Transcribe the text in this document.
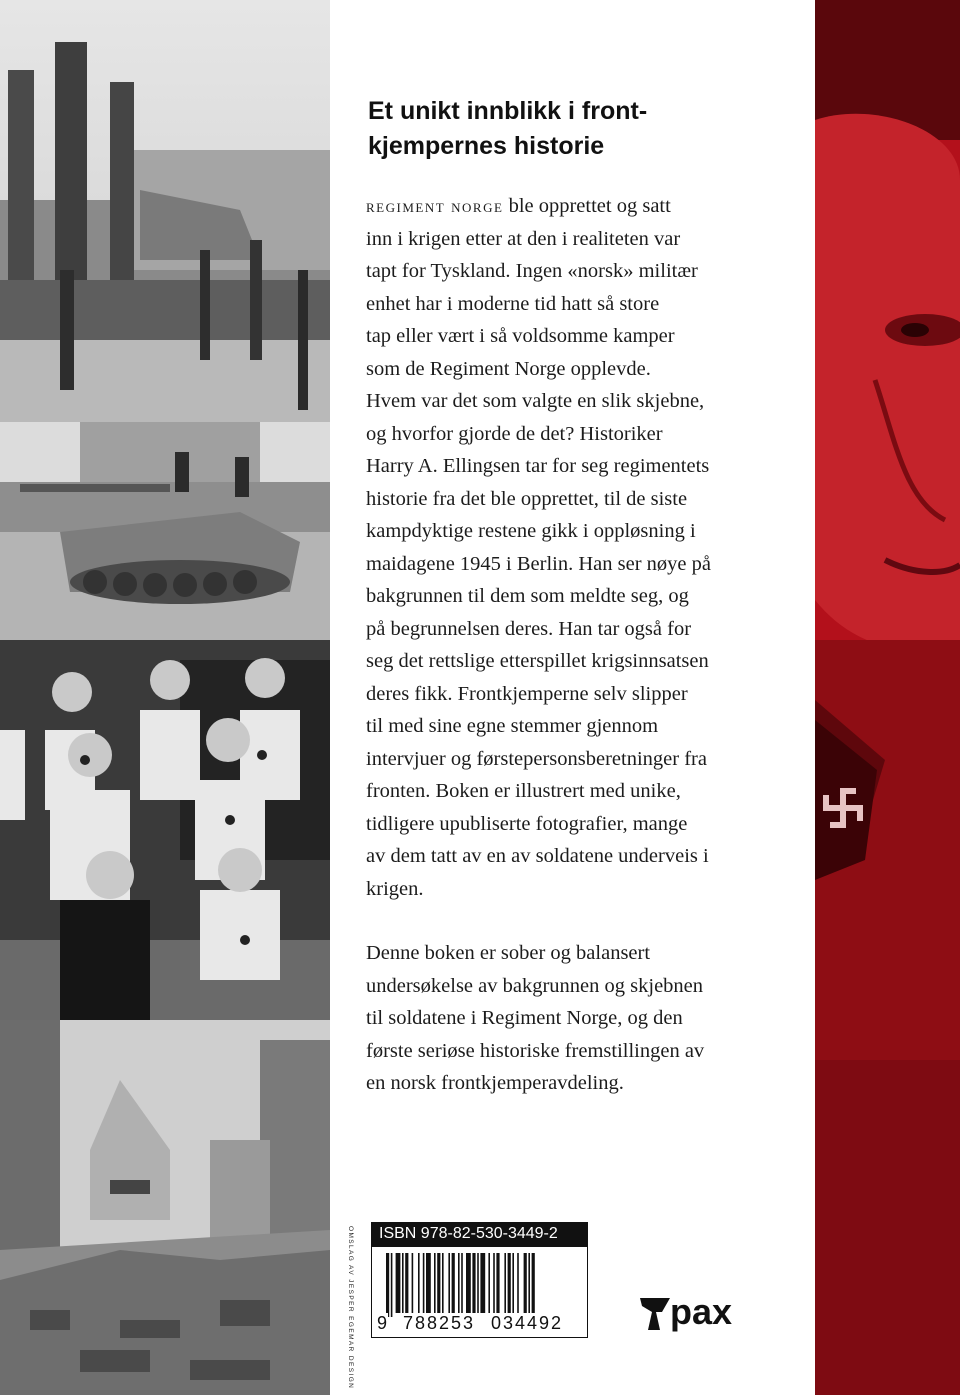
Et unikt innblikk i front-
kjempernes historie

regiment norge ble opprettet og satt
inn i krigen etter at den i realiteten var
tapt for Tyskland. Ingen «norsk» militær
enhet har i moderne tid hatt så store
tap eller vært i så voldsomme kamper
som de Regiment Norge opplevde.
Hvem var det som valgte en slik skjebne,
og hvorfor gjorde de det? Historiker
Harry A. Ellingsen tar for seg regimentets
historie fra det ble opprettet, til de siste
kampdyktige restene gikk i oppløsning i
maidagene 1945 i Berlin. Han ser nøye på
bakgrunnen til dem som meldte seg, og
på begrunnelsen deres. Han tar også for
seg det rettslige etterspillet krigsinnsatsen
deres fikk. Frontkjemperne selv slipper
til med sine egne stemmer gjennom
intervjuer og førstepersonsberetninger fra
fronten. Boken er illustrert med unike,
tidligere upubliserte fotografier, mange
av dem tatt av en av soldatene underveis i
krigen.

Denne boken er sober og balansert
undersøkelse av bakgrunnen og skjebnen
til soldatene i Regiment Norge, og den
første seriøse historiske fremstillingen av
en norsk frontkjemperavdeling.

OMSLAG AV JESPER EGEMAR DESIGN	ISBN 978-82-530-3449-2
9 788253 034492	pax
